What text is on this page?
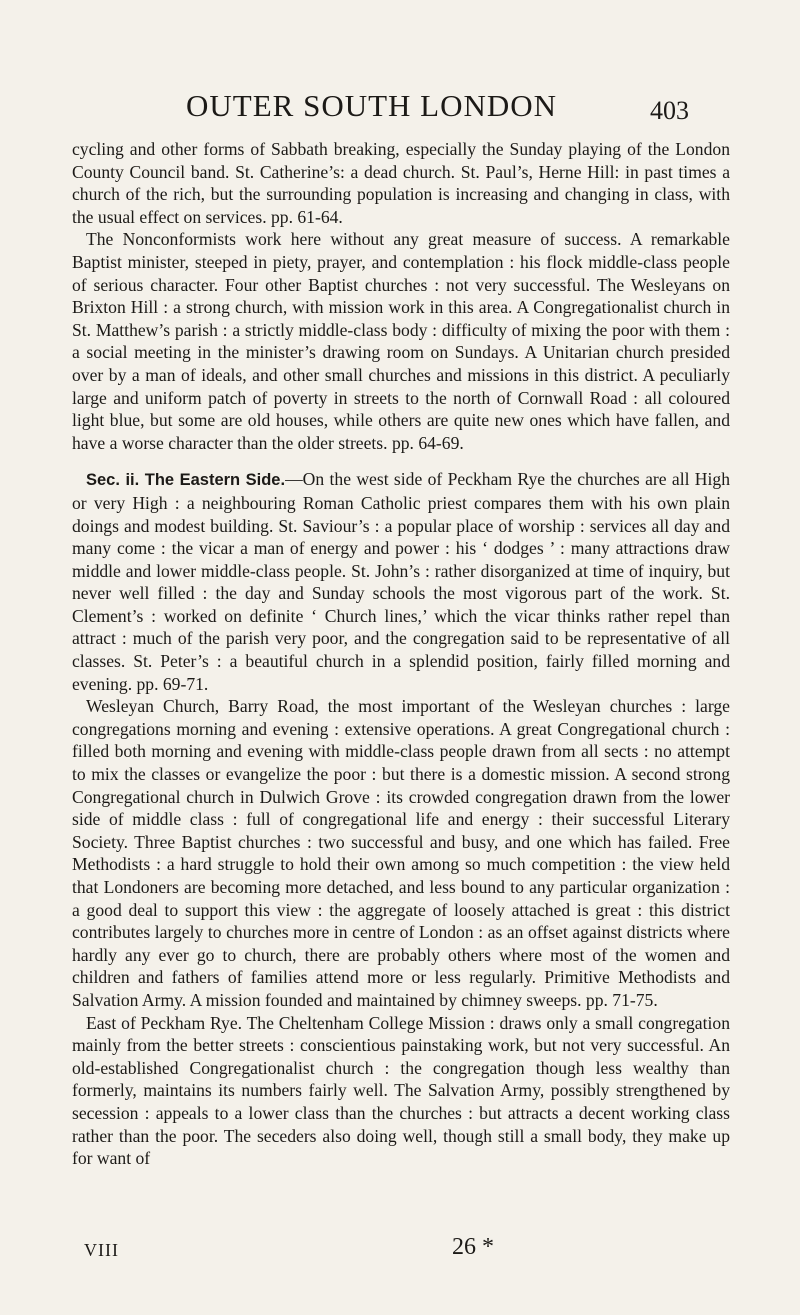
OUTER SOUTH LONDON	403

cycling and other forms of Sabbath breaking, especially the Sunday playing of the London County Council band. St. Catherine’s: a dead church. St. Paul’s, Herne Hill: in past times a church of the rich, but the surrounding population is increasing and changing in class, with the usual effect on services. pp. 61-64.

The Nonconformists work here without any great measure of success. A remarkable Baptist minister, steeped in piety, prayer, and contemplation : his flock middle-class people of serious character. Four other Baptist churches : not very successful. The Wesleyans on Brixton Hill : a strong church, with mission work in this area. A Congregationalist church in St. Matthew’s parish : a strictly middle-class body : difficulty of mixing the poor with them : a social meeting in the minister’s drawing room on Sundays. A Unitarian church presided over by a man of ideals, and other small churches and missions in this district. A peculiarly large and uniform patch of poverty in streets to the north of Cornwall Road : all coloured light blue, but some are old houses, while others are quite new ones which have fallen, and have a worse character than the older streets. pp. 64-69.

Sec. ii. The Eastern Side.—On the west side of Peckham Rye the churches are all High or very High : a neighbouring Roman Catholic priest compares them with his own plain doings and modest building. St. Saviour’s : a popular place of worship : services all day and many come : the vicar a man of energy and power : his ‘ dodges ’ : many attractions draw middle and lower middle-class people. St. John’s : rather disorganized at time of inquiry, but never well filled : the day and Sunday schools the most vigorous part of the work. St. Clement’s : worked on definite ‘ Church lines,’ which the vicar thinks rather repel than attract : much of the parish very poor, and the congregation said to be representative of all classes. St. Peter’s : a beautiful church in a splendid position, fairly filled morning and evening. pp. 69-71.

Wesleyan Church, Barry Road, the most important of the Wesleyan churches : large congregations morning and evening : extensive operations. A great Congregational church : filled both morning and evening with middle-class people drawn from all sects : no attempt to mix the classes or evangelize the poor : but there is a domestic mission. A second strong Congregational church in Dulwich Grove : its crowded congregation drawn from the lower side of middle class : full of congregational life and energy : their successful Literary Society. Three Baptist churches : two successful and busy, and one which has failed. Free Methodists : a hard struggle to hold their own among so much competition : the view held that Londoners are becoming more detached, and less bound to any particular organization : a good deal to support this view : the aggregate of loosely attached is great : this district contributes largely to churches more in centre of London : as an offset against districts where hardly any ever go to church, there are probably others where most of the women and children and fathers of families attend more or less regularly. Primitive Methodists and Salvation Army. A mission founded and maintained by chimney sweeps. pp. 71-75.

East of Peckham Rye. The Cheltenham College Mission : draws only a small congregation mainly from the better streets : conscientious painstaking work, but not very successful. An old-established Congregationalist church : the congregation though less wealthy than formerly, maintains its numbers fairly well. The Salvation Army, possibly strengthened by secession : appeals to a lower class than the churches : but attracts a decent working class rather than the poor. The seceders also doing well, though still a small body, they make up for want of

VIII	26 *
